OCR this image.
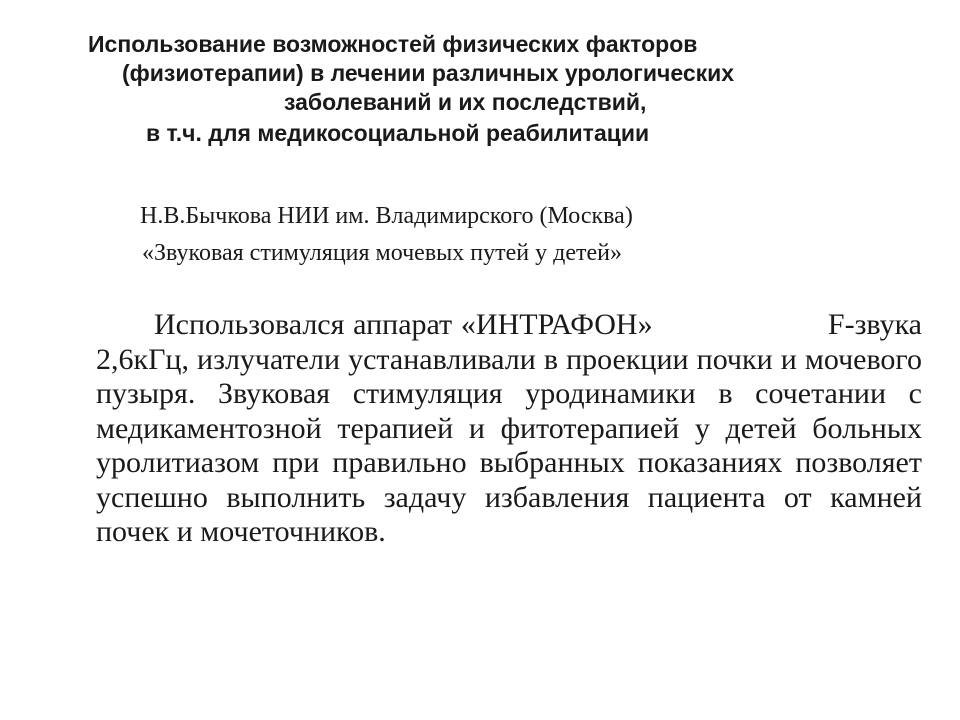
Использование возможностей физических факторов
(физиотерапии) в лечении различных урологических
заболеваний и их последствий,
в т.ч. для медикосоциальной реабилитации
Н.В.Бычкова НИИ им. Владимирского (Москва)
«Звуковая стимуляция мочевых путей у детей»

Использовался аппарат «ИНТРАФОН»                    F-звука 2,6кГц, излучатели устанавливали в проекции почки и мочевого пузыря. Звуковая стимуляция уродинамики в сочетании с медикаментозной терапией и фитотерапией у детей больных уролитиазом при правильно выбранных показаниях позволяет успешно выполнить задачу избавления пациента от камней почек и мочеточников.
